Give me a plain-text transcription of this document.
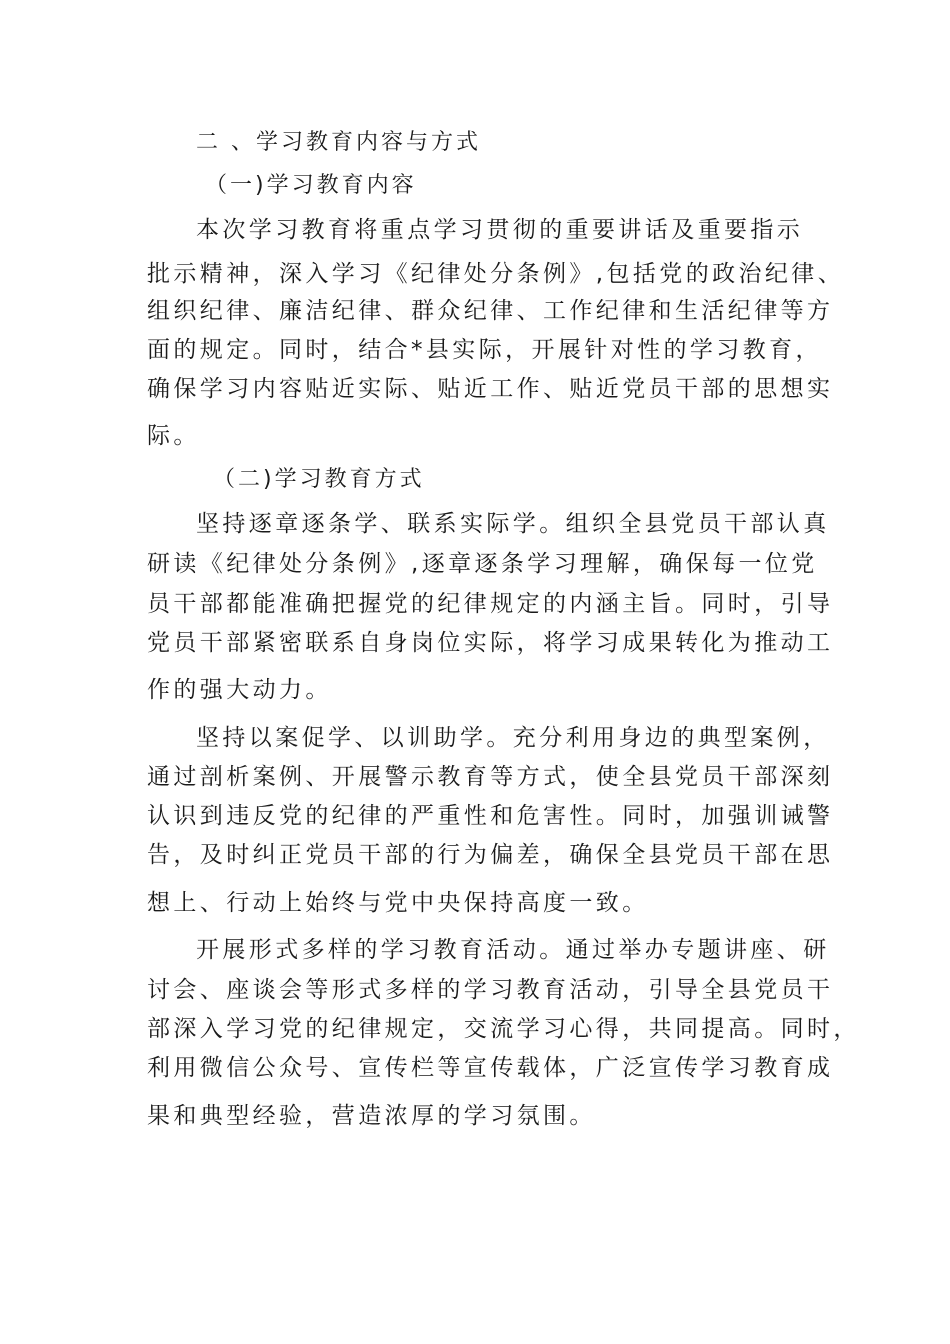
二 、学习教育内容与方式
（一)学习教育内容
本次学习教育将重点学习贯彻的重要讲话及重要指示
批示精神，深入学习《纪律处分条例》,包括党的政治纪律、
组织纪律、廉洁纪律、群众纪律、工作纪律和生活纪律等方
面的规定。同时，结合*县实际，开展针对性的学习教育，
确保学习内容贴近实际、贴近工作、贴近党员干部的思想实
际。
（二)学习教育方式
坚持逐章逐条学、联系实际学。组织全县党员干部认真
研读《纪律处分条例》,逐章逐条学习理解，确保每一位党
员干部都能准确把握党的纪律规定的内涵主旨。同时，引导
党员干部紧密联系自身岗位实际，将学习成果转化为推动工
作的强大动力。
坚持以案促学、以训助学。充分利用身边的典型案例，
通过剖析案例、开展警示教育等方式，使全县党员干部深刻
认识到违反党的纪律的严重性和危害性。同时，加强训诫警
告，及时纠正党员干部的行为偏差，确保全县党员干部在思
想上、行动上始终与党中央保持高度一致。
开展形式多样的学习教育活动。通过举办专题讲座、研
讨会、座谈会等形式多样的学习教育活动，引导全县党员干
部深入学习党的纪律规定，交流学习心得，共同提高。同时，
利用微信公众号、宣传栏等宣传载体，广泛宣传学习教育成
果和典型经验，营造浓厚的学习氛围。
